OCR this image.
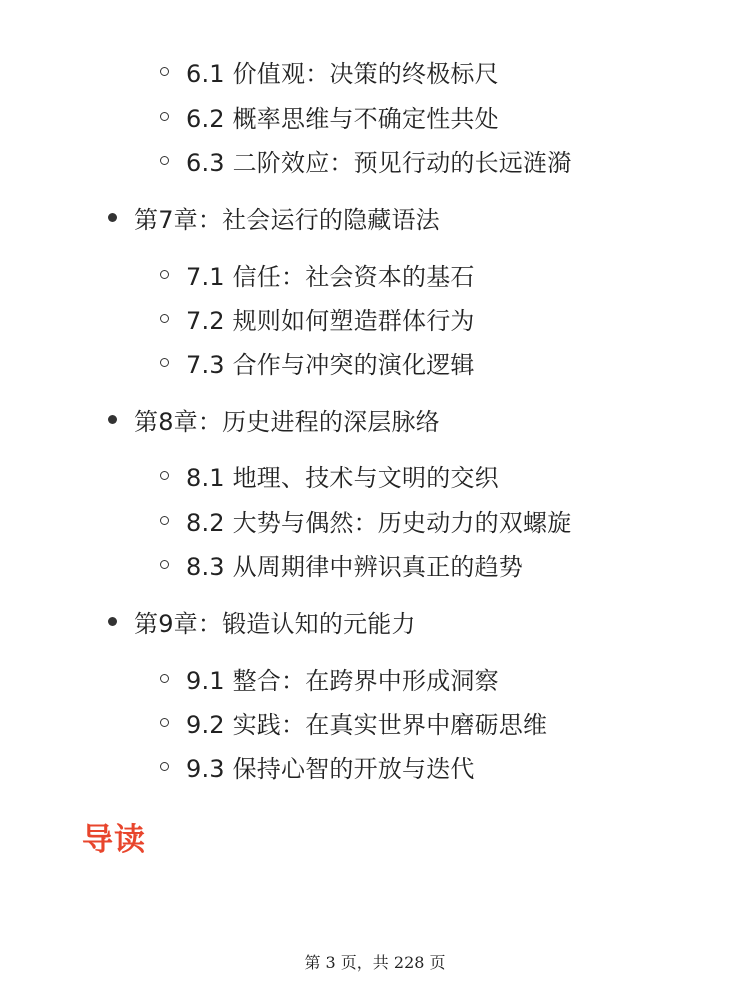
6.1 价值观：决策的终极标尺
6.2 概率思维与不确定性共处
6.3 二阶效应：预见行动的长远涟漪
第7章：社会运行的隐藏语法
7.1 信任：社会资本的基石
7.2 规则如何塑造群体行为
7.3 合作与冲突的演化逻辑
第8章：历史进程的深层脉络
8.1 地理、技术与文明的交织
8.2 大势与偶然：历史动力的双螺旋
8.3 从周期律中辨识真正的趋势
第9章：锻造认知的元能力
9.1 整合：在跨界中形成洞察
9.2 实践：在真实世界中磨砺思维
9.3 保持心智的开放与迭代
导读
第 3 页，共 228 页
